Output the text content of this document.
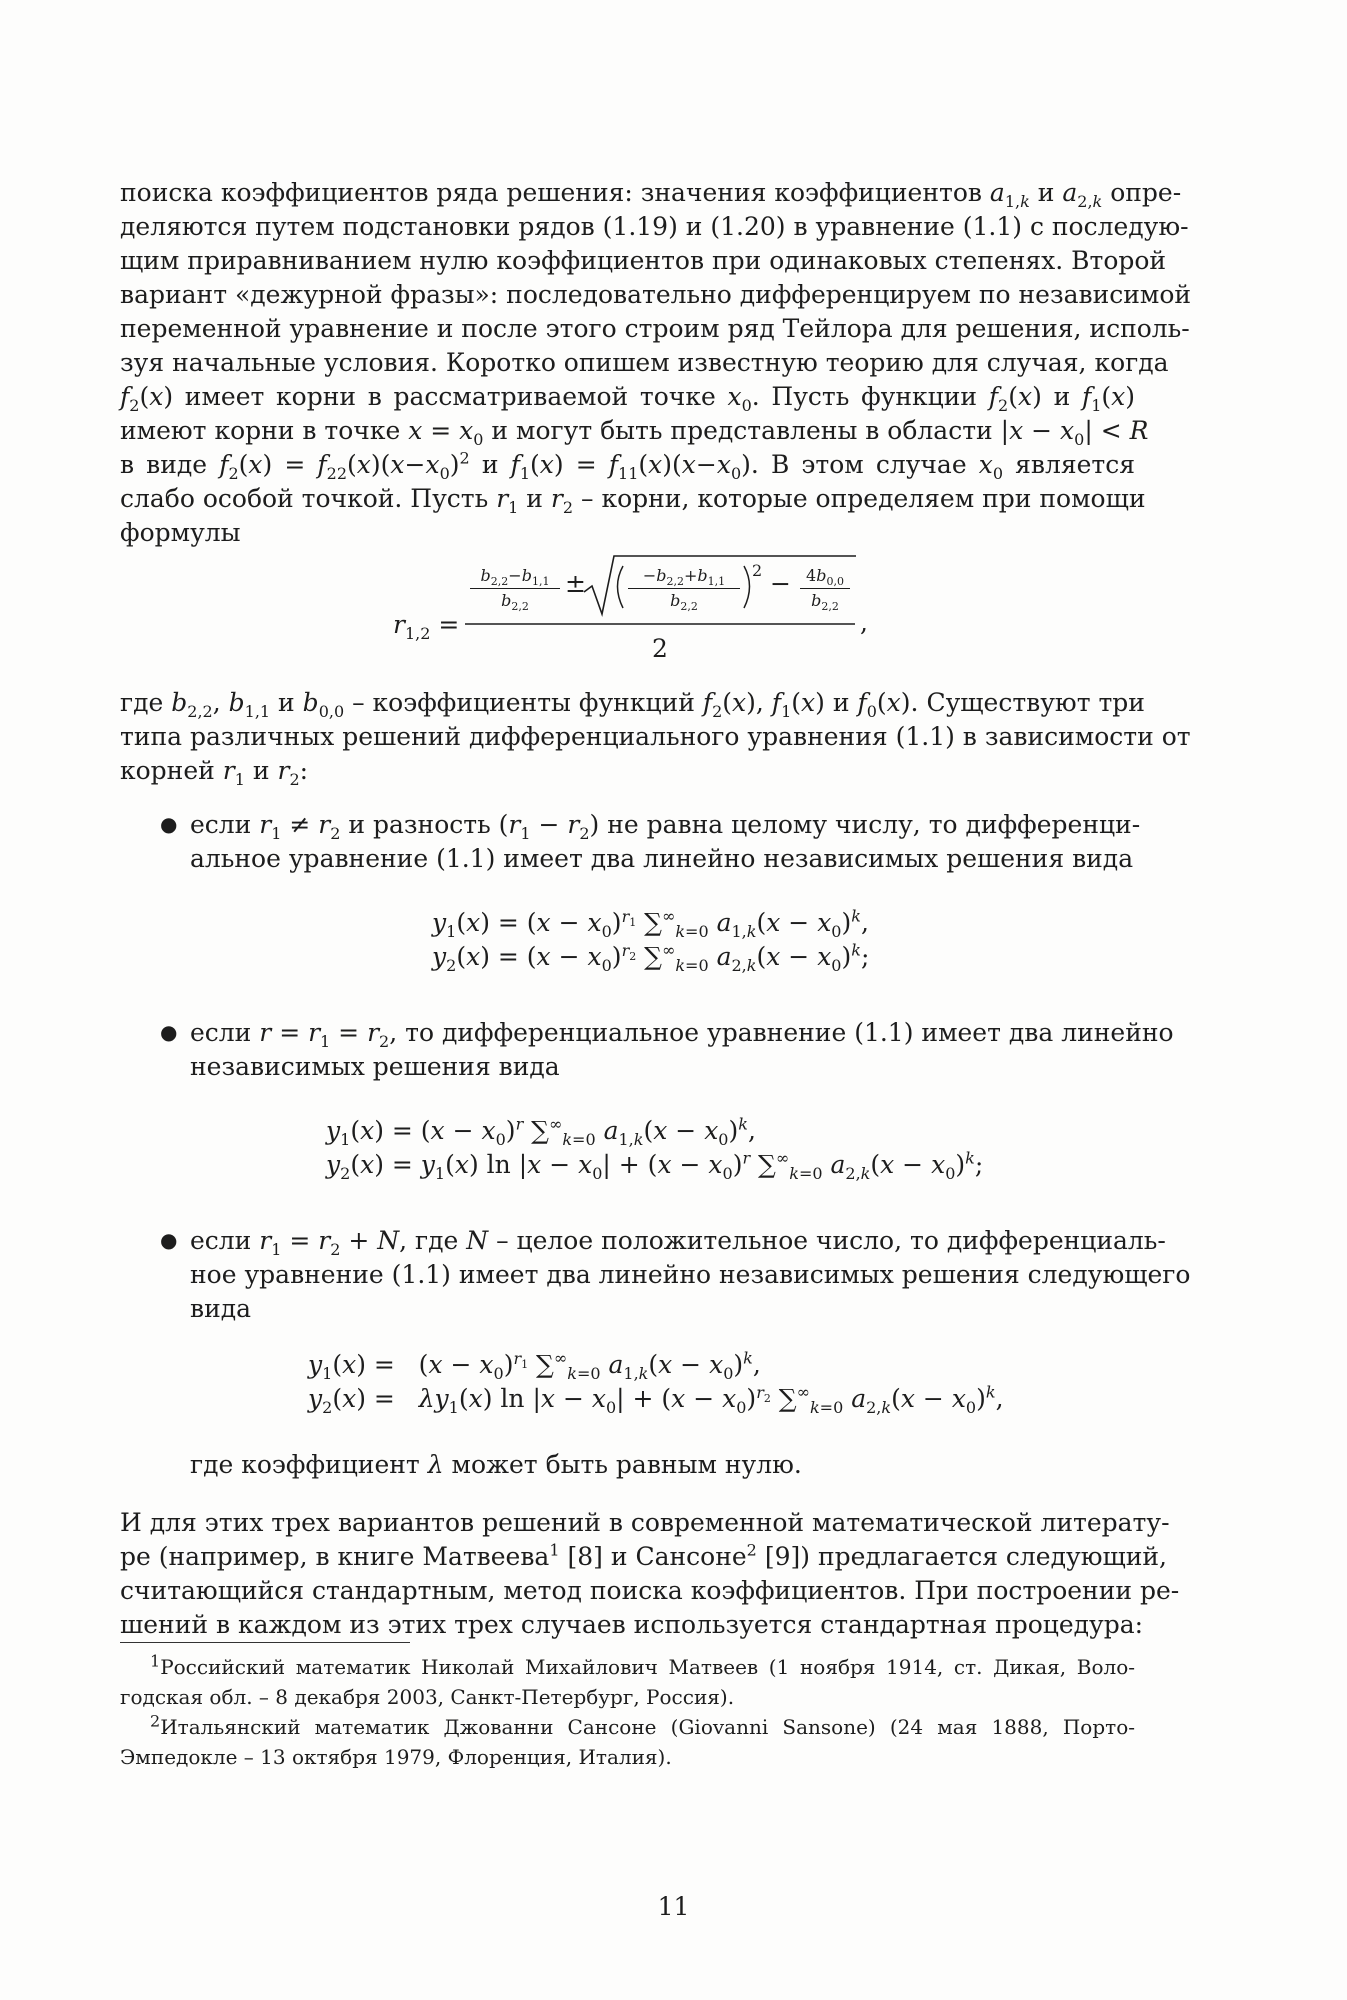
поиска коэффициентов ряда решения: значения коэффициентов $a_{1,k}$ и $a_{2,k}$ опре-
деляются путем подстановки рядов (1.19) и (1.20) в уравнение (1.1) с последую-
щим приравниванием нулю коэффициентов при одинаковых степенях. Второй
вариант «дежурной фразы»: последовательно дифференцируем по независимой
переменной уравнение и после этого строим ряд Тейлора для решения, исполь-
зуя начальные условия. Коротко опишем известную теорию для случая, когда
$f_2(x)$ имеет корни в рассматриваемой точке $x_0$. Пусть функции $f_2(x)$ и $f_1(x)$
имеют корни в точке $x = x_0$ и могут быть представлены в области $|x - x_0| < R$
в виде $f_2(x) = f_{22}(x)(x-x_0)^2$ и $f_1(x) = f_{11}(x)(x-x_0)$. В этом случае $x_0$ является
слабо особой точкой. Пусть $r_1$ и $r_2$ – корни, которые определяем при помощи
формулы
$r_{1,2}$ =
$\frac{b_{2,2}-b_{1,1}}{b_{2,2}}$ ±	$\frac{-b_{2,2}+b_{1,1}}{b_{2,2}} 2 - \frac{4b_{0,0}}{b_{2,2}}$
2
,
где $b_{2,2}$, $b_{1,1}$ и $b_{0,0}$ – коэффициенты функций $f_2(x)$, $f_1(x)$ и $f_0(x)$. Существуют три
типа различных решений дифференциального уравнения (1.1) в зависимости от
корней $r_1$ и $r_2$:
● если $r_1 \ne r_2$ и разность $(r_1 - r_2)$ не равна целому числу, то дифференци-
альное уравнение (1.1) имеет два линейно независимых решения вида
$y_1(x) = (x - x_0)^{r_1}$ $\sum^\infty_{k=0}$ $a_{1,k}(x - x_0)^k$,
$y_2(x) = (x - x_0)^{r_2}$ $\sum^\infty_{k=0}$ $a_{2,k}(x - x_0)^k$;
● если $r = r_1 = r_2$, то дифференциальное уравнение (1.1) имеет два линейно
независимых решения вида
$y_1(x) = (x - x_0)^r$ $\sum^\infty_{k=0}$ $a_{1,k}(x - x_0)^k$,
$y_2(x) = y_1(x)$ $\ln |x - x_0| + (x - x_0)^r$ $\sum^\infty_{k=0}$ $a_{2,k}(x - x_0)^k$;
● если $r_1 = r_2 + N$, где N – целое положительное число, то дифференциаль-
ное уравнение (1.1) имеет два линейно независимых решения следующего
вида
$y_1(x) = (x - x_0)^{r_1}$ $\sum^\infty_{k=0}$ $a_{1,k}(x - x_0)^k$,
$y_2(x) = \lambda y_1(x)$ $\ln |x - x_0| + (x - x_0)^{r_2}$ $\sum^\infty_{k=0}$ $a_{2,k}(x - x_0)^k$,
где коэффициент λ может быть равным нулю.
И для этих трех вариантов решений в современной математической литерату-
ре (например, в книге Матвеева$^1$ [8] и Сансоне$^2$ [9]) предлагается следующий,
считающийся стандартным, метод поиска коэффициентов. При построении ре-
шений в каждом из этих трех случаев используется стандартная процедура:
$^1$Российский математик Николай Михайлович Матвеев (1 ноября 1914, ст. Дикая, Воло-
годская обл. – 8 декабря 2003, Санкт-Петербург, Россия).
$^2$Итальянский математик Джованни Сансоне (Giovanni Sansone) (24 мая 1888, Порто-
Эмпедокле – 13 октября 1979, Флоренция, Италия).
11
